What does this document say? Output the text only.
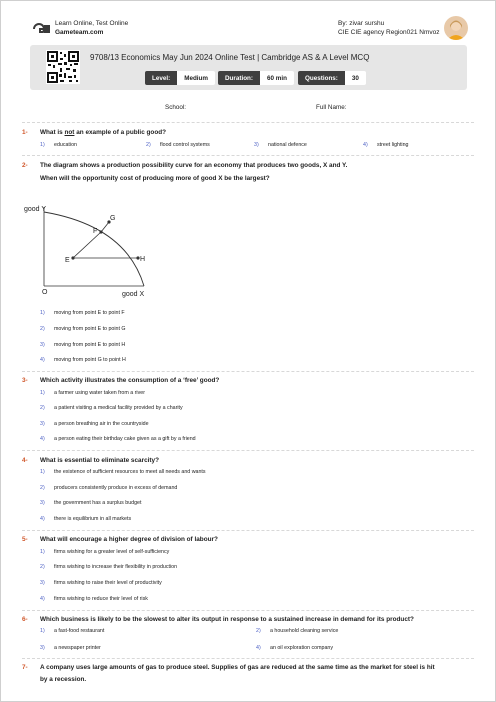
Learn Online, Test Online
Gameteam.com
By: zivar surshu
CIE CIE agency Region021 Nmvoz
9708/13 Economics May Jun 2024 Online Test | Cambridge AS & A Level MCQ
Level:	Medium	Duration:	60 min	Questions:	30
School:	Full Name:
1- What is not an example of a public good?
1) education	2) flood control systems	3) national defence	4) street lighting
2- The diagram shows a production possibility curve for an economy that produces two goods, X and Y.
When will the opportunity cost of producing more of good X be the largest?
good Y
good X
O
G
F
E	H
1) moving from point E to point F
2) moving from point E to point G
3) moving from point E to point H
4) moving from point G to point H
3- Which activity illustrates the consumption of a ‘free’ good?
1) a farmer using water taken from a river
2) a patient visiting a medical facility provided by a charity
3) a person breathing air in the countryside
4) a person eating their birthday cake given as a gift by a friend
4- What is essential to eliminate scarcity?
1) the existence of sufficient resources to meet all needs and wants
2) producers consistently produce in excess of demand
3) the government has a surplus budget
4) there is equilibrium in all markets
5- What will encourage a higher degree of division of labour?
1) firms wishing for a greater level of self-sufficiency
2) firms wishing to increase their flexibility in production
3) firms wishing to raise their level of productivity
4) firms wishing to reduce their level of risk
6- Which business is likely to be the slowest to alter its output in response to a sustained increase in demand for its product?
1) a fast-food restaurant	2) a household cleaning service
3) a newspaper printer	4) an oil exploration company
7- A company uses large amounts of gas to produce steel. Supplies of gas are reduced at the same time as the market for steel is hit
by a recession.
